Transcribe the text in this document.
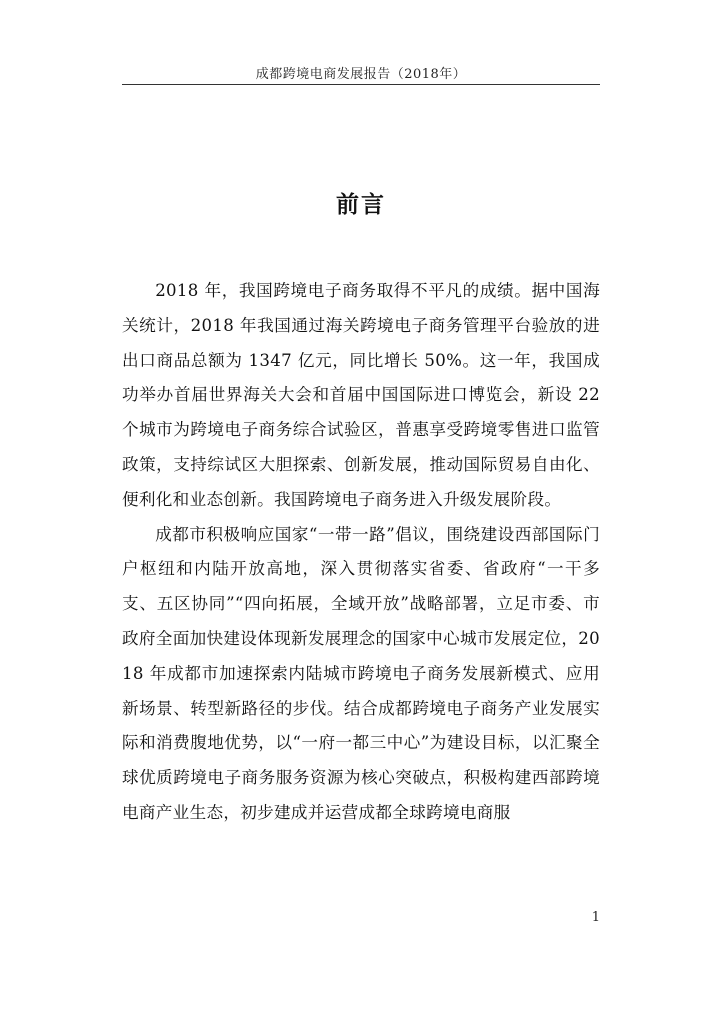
成都跨境电商发展报告（2018年）
前言

2018 年，我国跨境电子商务取得不平凡的成绩。据中国海关统计，2018 年我国通过海关跨境电子商务管理平台验放的进出口商品总额为 1347 亿元，同比增长 50%。这一年，我国成功举办首届世界海关大会和首届中国国际进口博览会，新设 22 个城市为跨境电子商务综合试验区，普惠享受跨境零售进口监管政策，支持综试区大胆探索、创新发展，推动国际贸易自由化、便利化和业态创新。我国跨境电子商务进入升级发展阶段。

成都市积极响应国家“一带一路”倡议，围绕建设西部国际门户枢纽和内陆开放高地，深入贯彻落实省委、省政府“一干多支、五区协同”“四向拓展，全域开放”战略部署，立足市委、市政府全面加快建设体现新发展理念的国家中心城市发展定位，2018 年成都市加速探索内陆城市跨境电子商务发展新模式、应用新场景、转型新路径的步伐。结合成都跨境电子商务产业发展实际和消费腹地优势，以“一府一都三中心”为建设目标，以汇聚全球优质跨境电子商务服务资源为核心突破点，积极构建西部跨境电商产业生态，初步建成并运营成都全球跨境电商服

1
